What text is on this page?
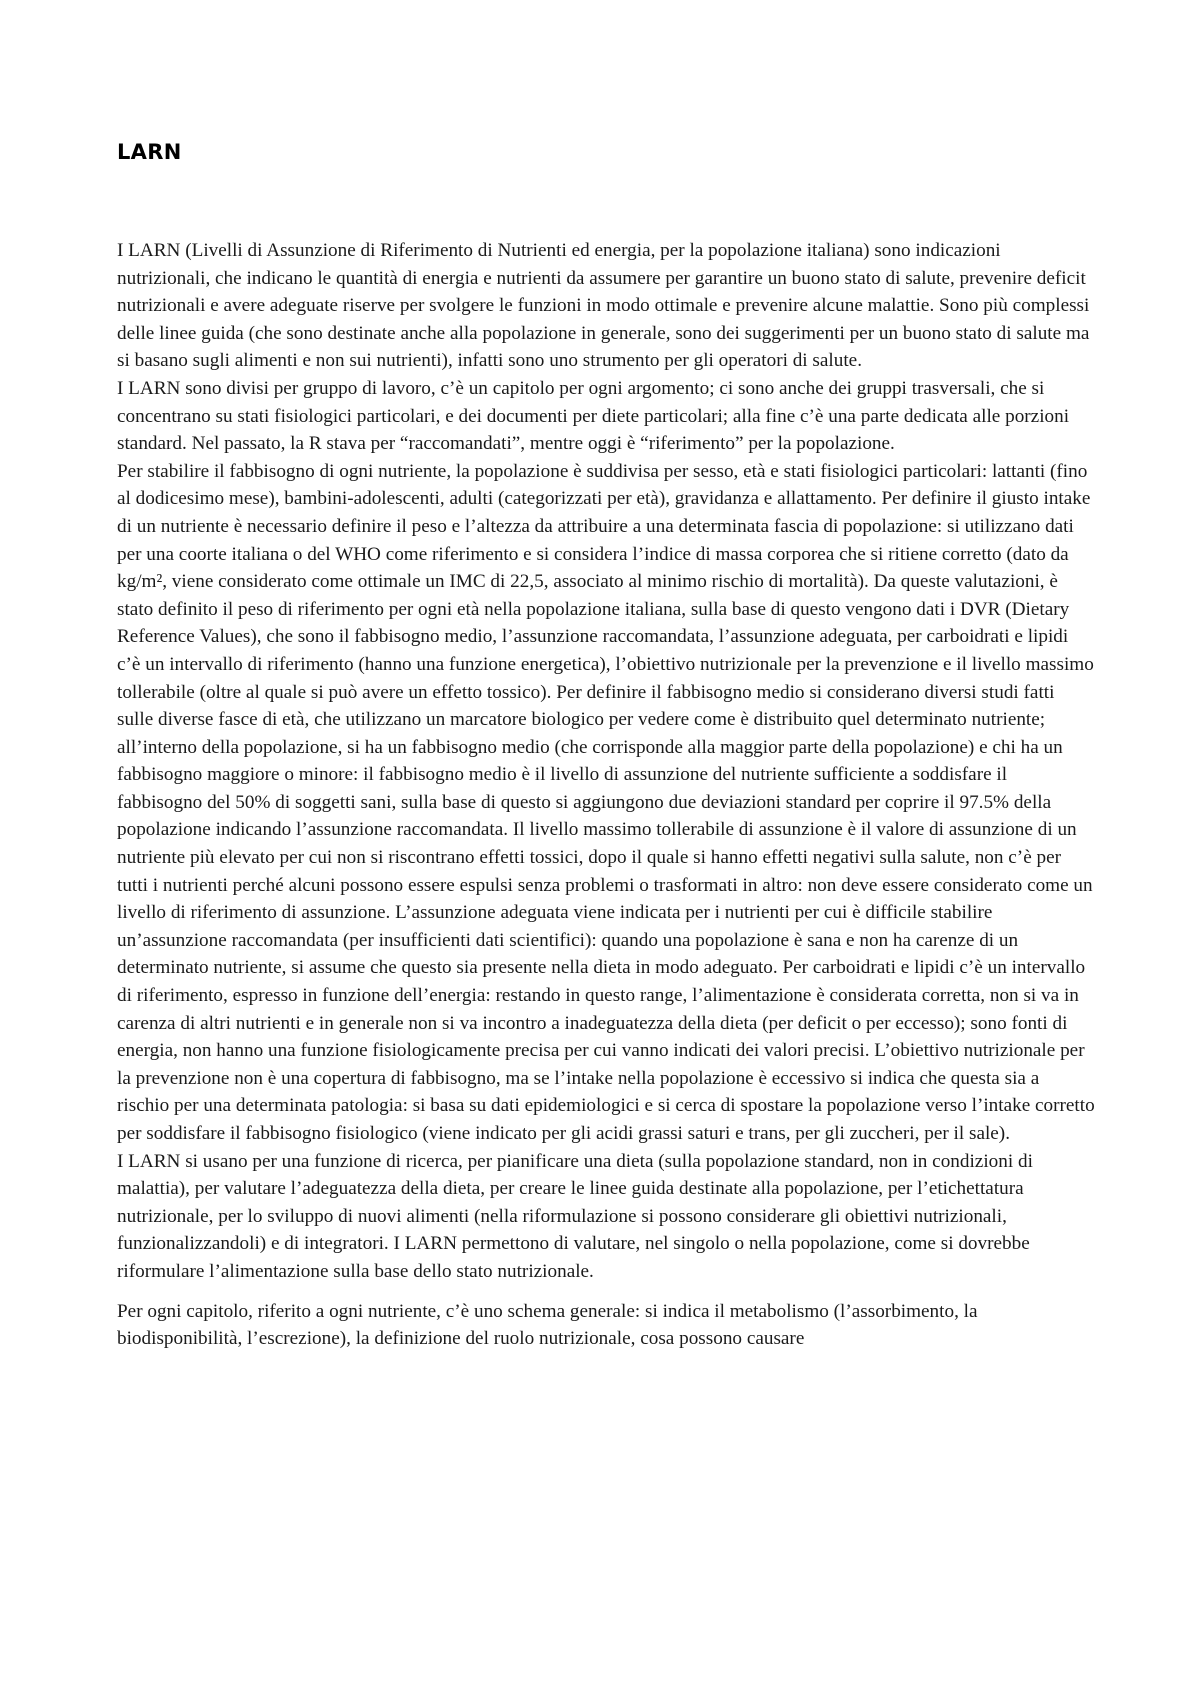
LARN

I LARN (Livelli di Assunzione di Riferimento di Nutrienti ed energia, per la popolazione italiana) sono indicazioni nutrizionali, che indicano le quantità di energia e nutrienti da assumere per garantire un buono stato di salute, prevenire deficit nutrizionali e avere adeguate riserve per svolgere le funzioni in modo ottimale e prevenire alcune malattie. Sono più complessi delle linee guida (che sono destinate anche alla popolazione in generale, sono dei suggerimenti per un buono stato di salute ma si basano sugli alimenti e non sui nutrienti), infatti sono uno strumento per gli operatori di salute.

I LARN sono divisi per gruppo di lavoro, c’è un capitolo per ogni argomento; ci sono anche dei gruppi trasversali, che si concentrano su stati fisiologici particolari, e dei documenti per diete particolari; alla fine c’è una parte dedicata alle porzioni standard. Nel passato, la R stava per “raccomandati”, mentre oggi è “riferimento” per la popolazione.

Per stabilire il fabbisogno di ogni nutriente, la popolazione è suddivisa per sesso, età e stati fisiologici particolari: lattanti (fino al dodicesimo mese), bambini-adolescenti, adulti (categorizzati per età), gravidanza e allattamento. Per definire il giusto intake di un nutriente è necessario definire il peso e l’altezza da attribuire a una determinata fascia di popolazione: si utilizzano dati per una coorte italiana o del WHO come riferimento e si considera l’indice di massa corporea che si ritiene corretto (dato da kg/m², viene considerato come ottimale un IMC di 22,5, associato al minimo rischio di mortalità). Da queste valutazioni, è stato definito il peso di riferimento per ogni età nella popolazione italiana, sulla base di questo vengono dati i DVR (Dietary Reference Values), che sono il fabbisogno medio, l’assunzione raccomandata, l’assunzione adeguata, per carboidrati e lipidi c’è un intervallo di riferimento (hanno una funzione energetica), l’obiettivo nutrizionale per la prevenzione e il livello massimo tollerabile (oltre al quale si può avere un effetto tossico). Per definire il fabbisogno medio si considerano diversi studi fatti sulle diverse fasce di età, che utilizzano un marcatore biologico per vedere come è distribuito quel determinato nutriente; all’interno della popolazione, si ha un fabbisogno medio (che corrisponde alla maggior parte della popolazione) e chi ha un fabbisogno maggiore o minore: il fabbisogno medio è il livello di assunzione del nutriente sufficiente a soddisfare il fabbisogno del 50% di soggetti sani, sulla base di questo si aggiungono due deviazioni standard per coprire il 97.5% della popolazione indicando l’assunzione raccomandata. Il livello massimo tollerabile di assunzione è il valore di assunzione di un nutriente più elevato per cui non si riscontrano effetti tossici, dopo il quale si hanno effetti negativi sulla salute, non c’è per tutti i nutrienti perché alcuni possono essere espulsi senza problemi o trasformati in altro: non deve essere considerato come un livello di riferimento di assunzione. L’assunzione adeguata viene indicata per i nutrienti per cui è difficile stabilire un’assunzione raccomandata (per insufficienti dati scientifici): quando una popolazione è sana e non ha carenze di un determinato nutriente, si assume che questo sia presente nella dieta in modo adeguato. Per carboidrati e lipidi c’è un intervallo di riferimento, espresso in funzione dell’energia: restando in questo range, l’alimentazione è considerata corretta, non si va in carenza di altri nutrienti e in generale non si va incontro a inadeguatezza della dieta (per deficit o per eccesso); sono fonti di energia, non hanno una funzione fisiologicamente precisa per cui vanno indicati dei valori precisi. L’obiettivo nutrizionale per la prevenzione non è una copertura di fabbisogno, ma se l’intake nella popolazione è eccessivo si indica che questa sia a rischio per una determinata patologia: si basa su dati epidemiologici e si cerca di spostare la popolazione verso l’intake corretto per soddisfare il fabbisogno fisiologico (viene indicato per gli acidi grassi saturi e trans, per gli zuccheri, per il sale).

I LARN si usano per una funzione di ricerca, per pianificare una dieta (sulla popolazione standard, non in condizioni di malattia), per valutare l’adeguatezza della dieta, per creare le linee guida destinate alla popolazione, per l’etichettatura nutrizionale, per lo sviluppo di nuovi alimenti (nella riformulazione si possono considerare gli obiettivi nutrizionali, funzionalizzandoli) e di integratori. I LARN permettono di valutare, nel singolo o nella popolazione, come si dovrebbe riformulare l’alimentazione sulla base dello stato nutrizionale.

Per ogni capitolo, riferito a ogni nutriente, c’è uno schema generale: si indica il metabolismo (l’assorbimento, la biodisponibilità, l’escrezione), la definizione del ruolo nutrizionale, cosa possono causare
